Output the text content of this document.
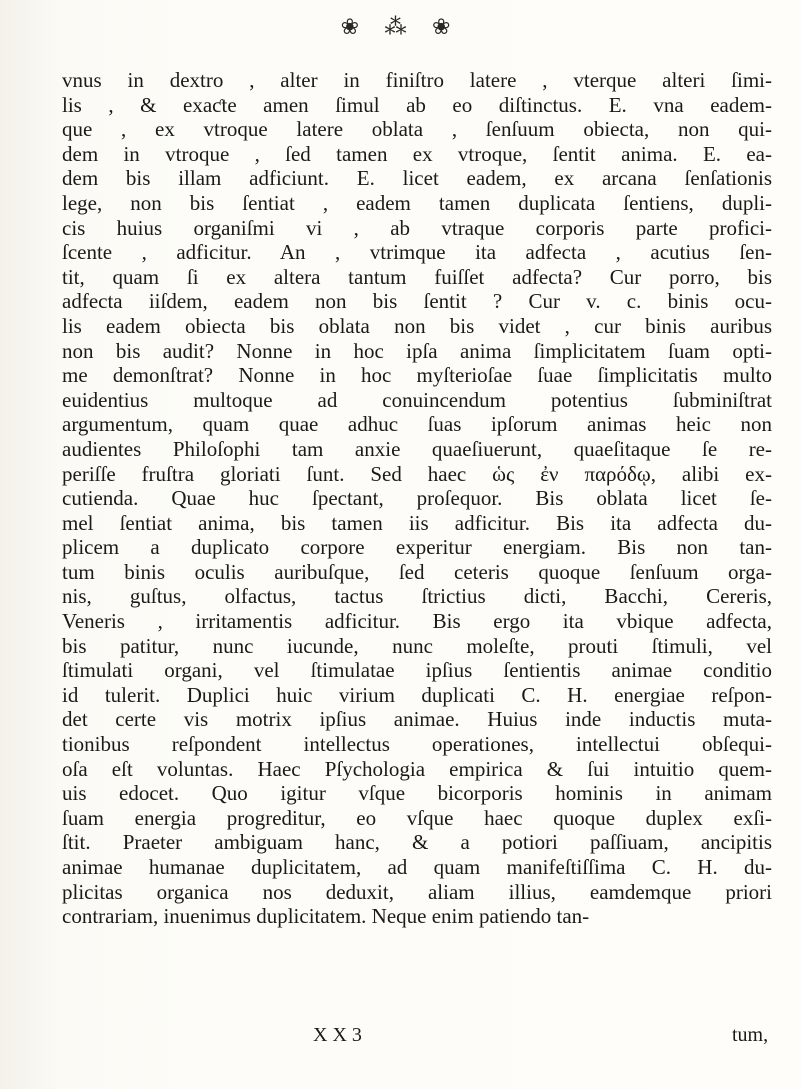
❀ ⁂ ❀
vnus in dextro , alter in finiſtro latere , vterque alteri ſimi-
lis , & exaƈte amen ſimul ab eo diſtinctus. E. vna eadem-
que , ex vtroque latere oblata , ſenſuum obiecta, non qui-
dem in vtroque , ſed tamen ex vtroque, ſentit anima. E. ea-
dem bis illam adficiunt. E. licet eadem, ex arcana ſenſationis
lege, non bis ſentiat , eadem tamen duplicata ſentiens, dupli-
cis huius organiſmi vi , ab vtraque corporis parte profici-
ſcente , adficitur. An , vtrimque ita adfecta , acutius ſen-
tit, quam ſi ex altera tantum fuiſſet adfecta? Cur porro, bis
adfecta iiſdem, eadem non bis ſentit ? Cur v. c. binis ocu-
lis eadem obiecta bis oblata non bis videt , cur binis auribus
non bis audit? Nonne in hoc ipſa anima ſimplicitatem ſuam opti-
me demonſtrat? Nonne in hoc myſterioſae ſuae ſimplicitatis multo
euidentius multoque ad conuincendum potentius ſubminiſtrat
argumentum, quam quae adhuc ſuas ipſorum animas heic non
audientes Philoſophi tam anxie quaeſiuerunt, quaeſitaque ſe re-
periſſe fruſtra gloriati ſunt. Sed haec ὡς ἐν παρόδῳ, alibi ex-
cutienda. Quae huc ſpectant, proſequor. Bis oblata licet ſe-
mel ſentiat anima, bis tamen iis adficitur. Bis ita adfecta du-
plicem a duplicato corpore experitur energiam. Bis non tan-
tum binis oculis auribuſque, ſed ceteris quoque ſenſuum orga-
nis, guſtus, olfactus, tactus ſtrictius dicti, Bacchi, Cereris,
Veneris , irritamentis adficitur. Bis ergo ita vbique adfecta,
bis patitur, nunc iucunde, nunc moleſte, prouti ſtimuli, vel
ſtimulati organi, vel ſtimulatae ipſius ſentientis animae conditio
id tulerit. Duplici huic virium duplicati C. H. energiae reſpon-
det certe vis motrix ipſius animae. Huius inde inductis muta-
tionibus reſpondent intellectus operationes, intellectui obſequi-
oſa eſt voluntas. Haec Pſychologia empirica & ſui intuitio quem-
uis edocet. Quo igitur vſque bicorporis hominis in animam
ſuam energia progreditur, eo vſque haec quoque duplex exſi-
ſtit. Praeter ambiguam hanc, & a potiori paſſiuam, ancipitis
animae humanae duplicitatem, ad quam manifeſtiſſima C. H. du-
plicitas organica nos deduxit, aliam illius, eamdemque priori
contrariam, inuenimus duplicitatem. Neque enim patiendo tan-
X X 3	tum,
